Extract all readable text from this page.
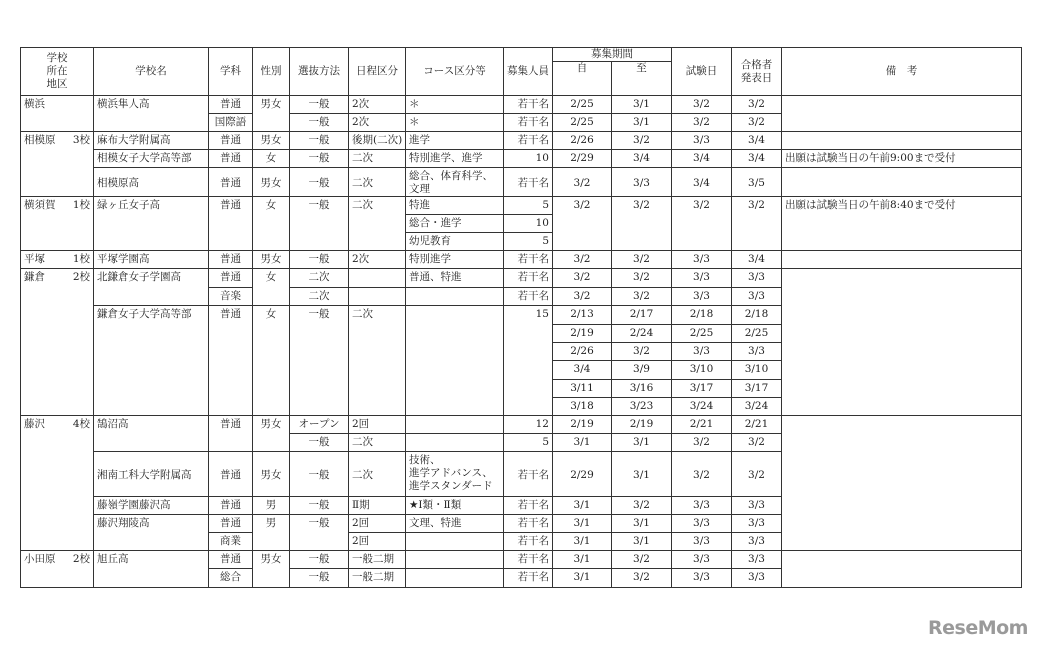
学校
所在
地区	学校名	学科	性別	選抜方法	日程区分	コース区分等	募集人員	募集期間		試験日	合格者
発表日	備　考
								自	至			

横浜	横浜隼人高	普通	男女	一般	2次	＊	若干名	2/25	3/1	3/2	3/2	
		国際語		一般	2次	＊	若干名	2/25	3/1	3/2	3/2	

相模原 3校	麻布大学附属高	普通	男女	一般	後期(二次)	進学	若干名	2/26	3/2	3/3	3/4	
	相模女子大学高等部	普通	女	一般	二次	特別進学、進学	10	2/29	3/4	3/4	3/4	出願は試験当日の午前9:00まで受付
	相模原高	普通	男女	一般	二次	総合、体育科学、
文理	若干名	3/2	3/3	3/4	3/5	

横須賀 1校	緑ヶ丘女子高	普通	女	一般	二次	特進	5	3/2	3/2	3/2	3/2	出願は試験当日の午前8:40まで受付
						総合・進学	10					
						幼児教育	5					

平塚 1校	平塚学園高	普通	男女	一般	2次	特別進学	若干名	3/2	3/2	3/3	3/4	

鎌倉 2校	北鎌倉女子学園高	普通	女	二次		普通、特進	若干名	3/2	3/2	3/3	3/3	
		音楽		二次			若干名	3/2	3/2	3/3	3/3	
	鎌倉女子大学高等部	普通	女	一般	二次		15	2/13	2/17	2/18	2/18	
								2/19	2/24	2/25	2/25	
								2/26	3/2	3/3	3/3	
								3/4	3/9	3/10	3/10	
								3/11	3/16	3/17	3/17	
								3/18	3/23	3/24	3/24	

藤沢 4校	鵠沼高	普通	男女	オープン	2回		12	2/19	2/19	2/21	2/21	
				一般	二次		5	3/1	3/1	3/2	3/2	
	湘南工科大学附属高	普通	男女	一般	二次	技術、
進学アドバンス、
進学スタンダード	若干名	2/29	3/1	3/2	3/2	
	藤嶺学園藤沢高	普通	男	一般	Ⅱ期	★Ⅰ類・Ⅱ類	若干名	3/1	3/2	3/3	3/3	
	藤沢翔陵高	普通	男	一般	2回	文理、特進	若干名	3/1	3/1	3/3	3/3	
		商業			2回		若干名	3/1	3/1	3/3	3/3	

小田原 2校	旭丘高	普通	男女	一般	一般二期		若干名	3/1	3/2	3/3	3/3	
		総合		一般	一般二期		若干名	3/1	3/2	3/3	3/3	
ReseMom
